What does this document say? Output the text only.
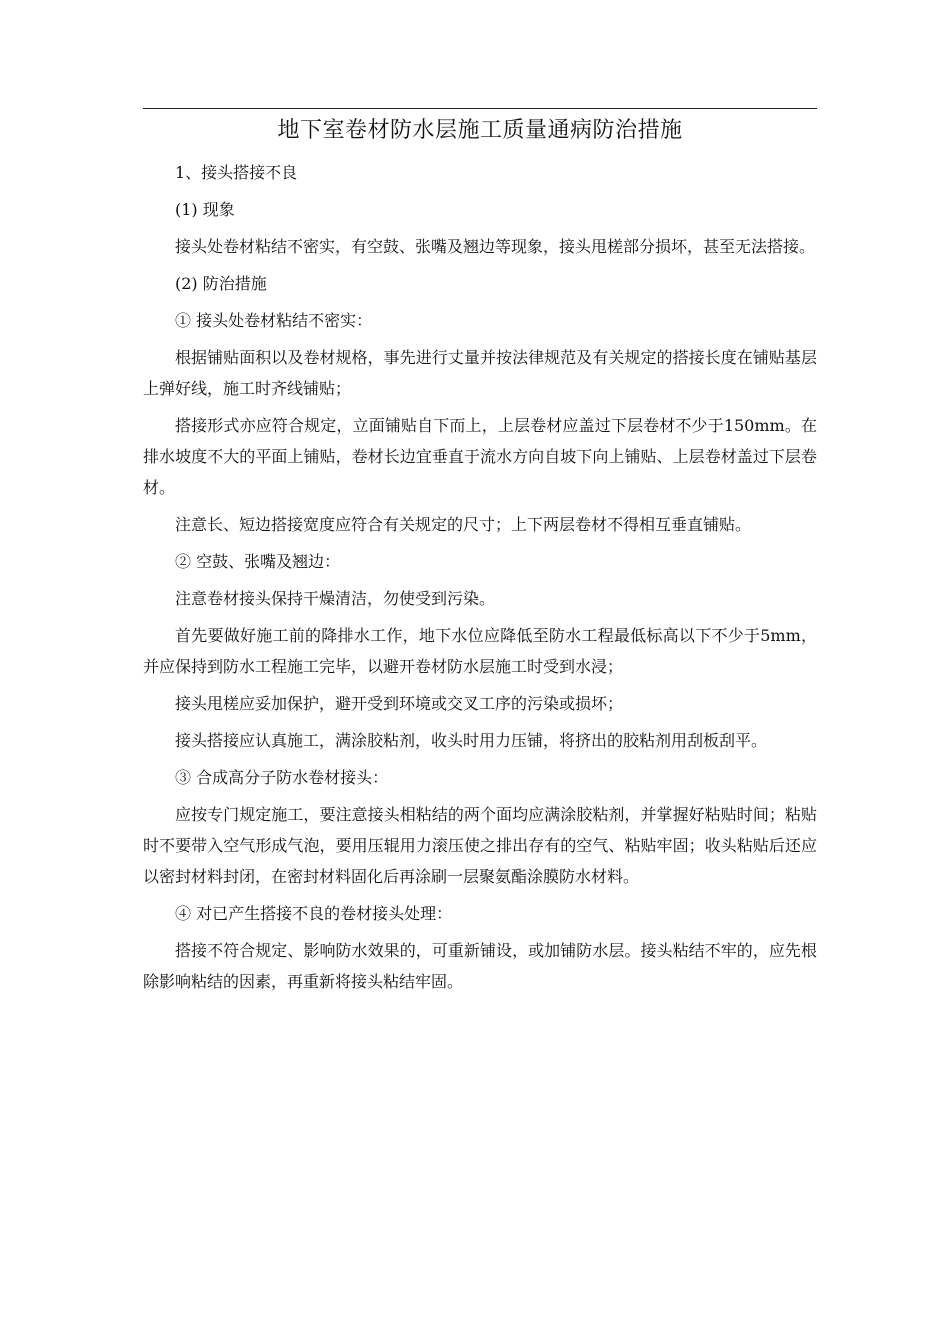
地下室卷材防水层施工质量通病防治措施

1、接头搭接不良

(1) 现象

接头处卷材粘结不密实，有空鼓、张嘴及翘边等现象，接头甩槎部分损坏，甚至无法搭接。

(2) 防治措施

① 接头处卷材粘结不密实：

根据铺贴面积以及卷材规格，事先进行丈量并按法律规范及有关规定的搭接长度在铺贴基层上弹好线，施工时齐线铺贴；

搭接形式亦应符合规定，立面铺贴自下而上，上层卷材应盖过下层卷材不少于150mm。在排水坡度不大的平面上铺贴，卷材长边宜垂直于流水方向自坡下向上铺贴、上层卷材盖过下层卷材。

注意长、短边搭接宽度应符合有关规定的尺寸；上下两层卷材不得相互垂直铺贴。

② 空鼓、张嘴及翘边：

注意卷材接头保持干燥清洁，勿使受到污染。

首先要做好施工前的降排水工作，地下水位应降低至防水工程最低标高以下不少于5mm，并应保持到防水工程施工完毕，以避开卷材防水层施工时受到水浸；

接头甩槎应妥加保护，避开受到环境或交叉工序的污染或损坏；

接头搭接应认真施工，满涂胶粘剂，收头时用力压铺，将挤出的胶粘剂用刮板刮平。

③ 合成高分子防水卷材接头：

应按专门规定施工，要注意接头相粘结的两个面均应满涂胶粘剂，并掌握好粘贴时间；粘贴时不要带入空气形成气泡，要用压辊用力滚压使之排出存有的空气、粘贴牢固；收头粘贴后还应以密封材料封闭，在密封材料固化后再涂刷一层聚氨酯涂膜防水材料。

④ 对已产生搭接不良的卷材接头处理：

搭接不符合规定、影响防水效果的，可重新铺设，或加铺防水层。接头粘结不牢的，应先根除影响粘结的因素，再重新将接头粘结牢固。
